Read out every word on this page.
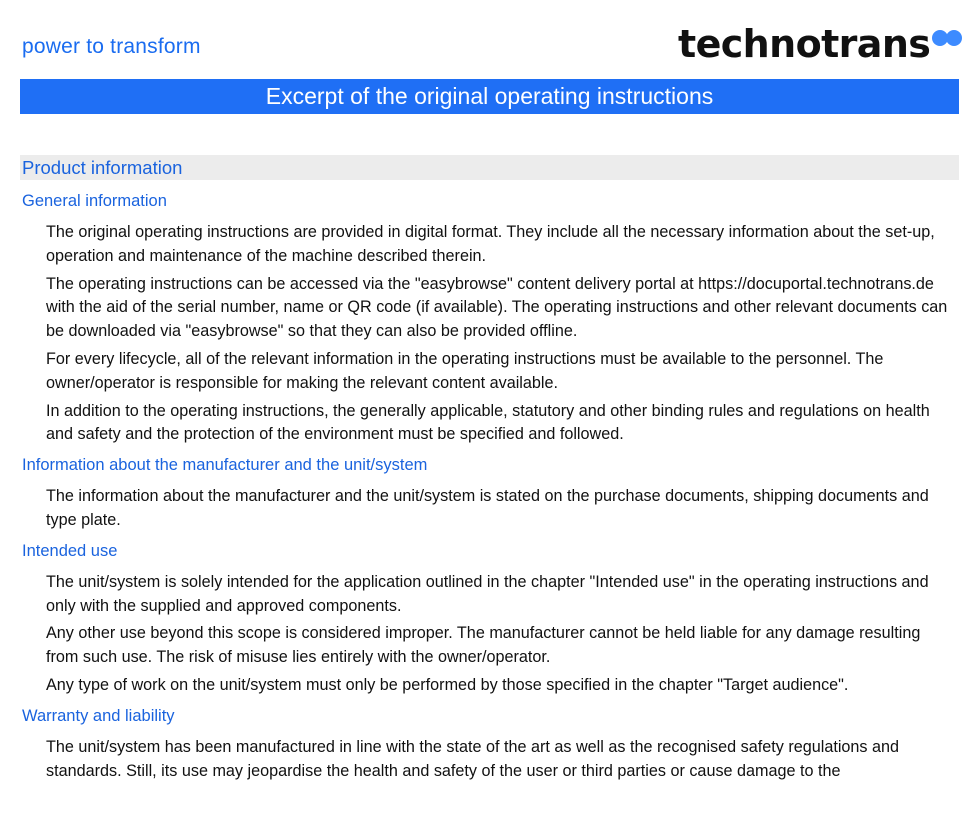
power to transform	technotrans
Excerpt of the original operating instructions
Product information
General information

The original operating instructions are provided in digital format. They include all the necessary information about the set-up, operation and maintenance of the machine described therein.

The operating instructions can be accessed via the "easybrowse" content delivery portal at https://docuportal.technotrans.de with the aid of the serial number, name or QR code (if available). The operating instructions and other relevant documents can be downloaded via "easybrowse" so that they can also be provided offline.

For every lifecycle, all of the relevant information in the operating instructions must be available to the personnel. The owner/operator is responsible for making the relevant content available.

In addition to the operating instructions, the generally applicable, statutory and other binding rules and regulations on health and safety and the protection of the environment must be specified and followed.

Information about the manufacturer and the unit/system

The information about the manufacturer and the unit/system is stated on the purchase documents, shipping documents and type plate.

Intended use

The unit/system is solely intended for the application outlined in the chapter "Intended use" in the operating instructions and only with the supplied and approved components.

Any other use beyond this scope is considered improper. The manufacturer cannot be held liable for any damage resulting from such use. The risk of misuse lies entirely with the owner/operator.

Any type of work on the unit/system must only be performed by those specified in the chapter "Target audience".

Warranty and liability

The unit/system has been manufactured in line with the state of the art as well as the recognised safety regulations and standards. Still, its use may jeopardise the health and safety of the user or third parties or cause damage to the
